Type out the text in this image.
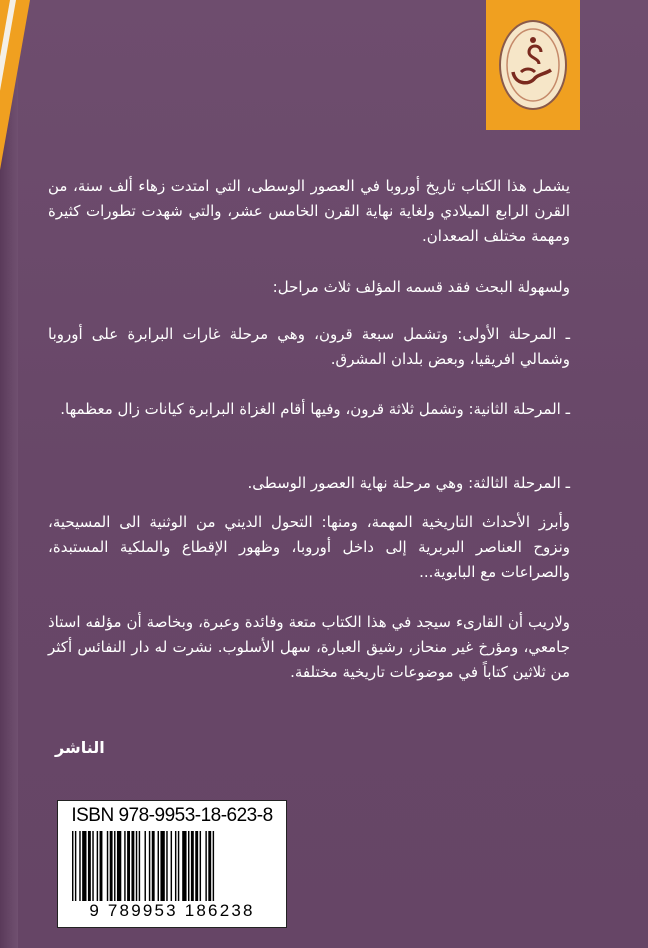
يشمل هذا الكتاب تاريخ أوروبا في العصور الوسطى، التي امتدت زهاء ألف سنة، من القرن الرابع الميلادي ولغاية نهاية القرن الخامس عشر، والتي شهدت تطورات كثيرة ومهمة مختلف الصعدان.

ولسهولة البحث فقد قسمه المؤلف ثلاث مراحل:

ـ المرحلة الأولى: وتشمل سبعة قرون، وهي مرحلة غارات البرابرة على أوروبا وشمالي افريقيا، وبعض بلدان المشرق.

ـ المرحلة الثانية: وتشمل ثلاثة قرون، وفيها أقام الغزاة البرابرة كيانات زال معظمها.

ـ المرحلة الثالثة: وهي مرحلة نهاية العصور الوسطى.

وأبرز الأحداث التاريخية المهمة، ومنها: التحول الديني من الوثنية الى المسيحية، ونزوح العناصر البربرية إلى داخل أوروبا، وظهور الإقطاع والملكية المستبدة، والصراعات مع البابوية...

ولاريب أن القارىء سيجد في هذا الكتاب متعة وفائدة وعبرة، وبخاصة أن مؤلفه استاذ جامعي، ومؤرخ غير منحاز، رشيق العبارة، سهل الأسلوب. نشرت له دار النفائس أكثر من ثلاثين كتاباً في موضوعات تاريخية مختلفة.

الناشر
ISBN 978-9953-18-623-8
9 789953 186238
